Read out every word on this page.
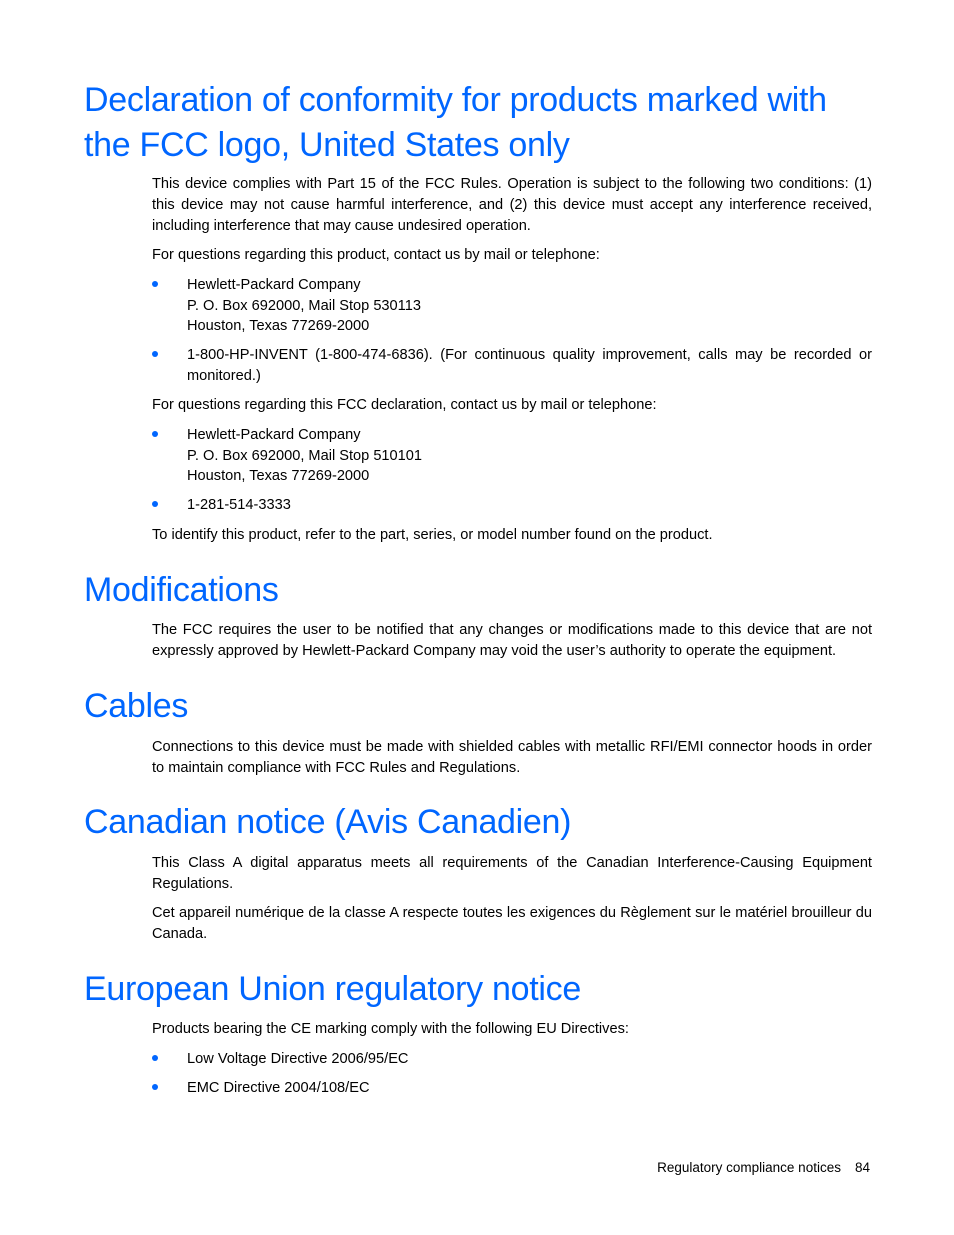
Declaration of conformity for products marked with
the FCC logo, United States only

This device complies with Part 15 of the FCC Rules. Operation is subject to the following two conditions: (1) this device may not cause harmful interference, and (2) this device must accept any interference received, including interference that may cause undesired operation.

For questions regarding this product, contact us by mail or telephone:

Hewlett-Packard Company
P. O. Box 692000, Mail Stop 530113
Houston, Texas 77269-2000
1-800-HP-INVENT (1-800-474-6836). (For continuous quality improvement, calls may be recorded or monitored.)

For questions regarding this FCC declaration, contact us by mail or telephone:

Hewlett-Packard Company
P. O. Box 692000, Mail Stop 510101
Houston, Texas 77269-2000
1-281-514-3333

To identify this product, refer to the part, series, or model number found on the product.

Modifications

The FCC requires the user to be notified that any changes or modifications made to this device that are not expressly approved by Hewlett-Packard Company may void the user’s authority to operate the equipment.

Cables

Connections to this device must be made with shielded cables with metallic RFI/EMI connector hoods in order to maintain compliance with FCC Rules and Regulations.

Canadian notice (Avis Canadien)

This Class A digital apparatus meets all requirements of the Canadian Interference-Causing Equipment Regulations.

Cet appareil numérique de la classe A respecte toutes les exigences du Règlement sur le matériel brouilleur du Canada.

European Union regulatory notice

Products bearing the CE marking comply with the following EU Directives:

Low Voltage Directive 2006/95/EC
EMC Directive 2004/108/EC
Regulatory compliance notices 84
